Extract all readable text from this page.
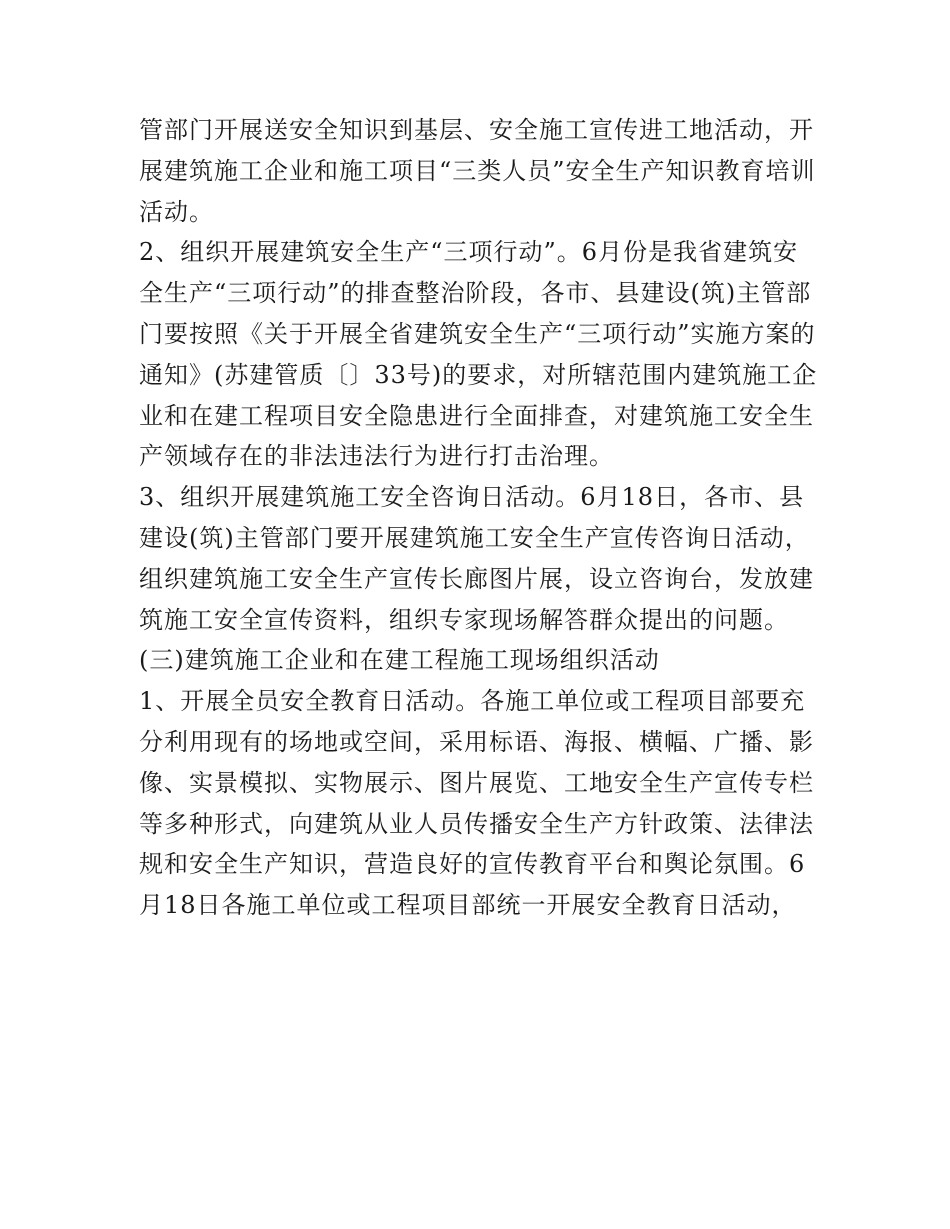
管部门开展送安全知识到基层、安全施工宣传进工地活动，开
展建筑施工企业和施工项目“三类人员”安全生产知识教育培训
活动。
2、组织开展建筑安全生产“三项行动”。6月份是我省建筑安
全生产“三项行动”的排查整治阶段，各市、县建设(筑)主管部
门要按照《关于开展全省建筑安全生产“三项行动”实施方案的
通知》(苏建管质〔〕33号)的要求，对所辖范围内建筑施工企
业和在建工程项目安全隐患进行全面排查，对建筑施工安全生
产领域存在的非法违法行为进行打击治理。
3、组织开展建筑施工安全咨询日活动。6月18日，各市、县
建设(筑)主管部门要开展建筑施工安全生产宣传咨询日活动，
组织建筑施工安全生产宣传长廊图片展，设立咨询台，发放建
筑施工安全宣传资料，组织专家现场解答群众提出的问题。
(三)建筑施工企业和在建工程施工现场组织活动
1、开展全员安全教育日活动。各施工单位或工程项目部要充
分利用现有的场地或空间，采用标语、海报、横幅、广播、影
像、实景模拟、实物展示、图片展览、工地安全生产宣传专栏
等多种形式，向建筑从业人员传播安全生产方针政策、法律法
规和安全生产知识，营造良好的宣传教育平台和舆论氛围。6
月18日各施工单位或工程项目部统一开展安全教育日活动，
